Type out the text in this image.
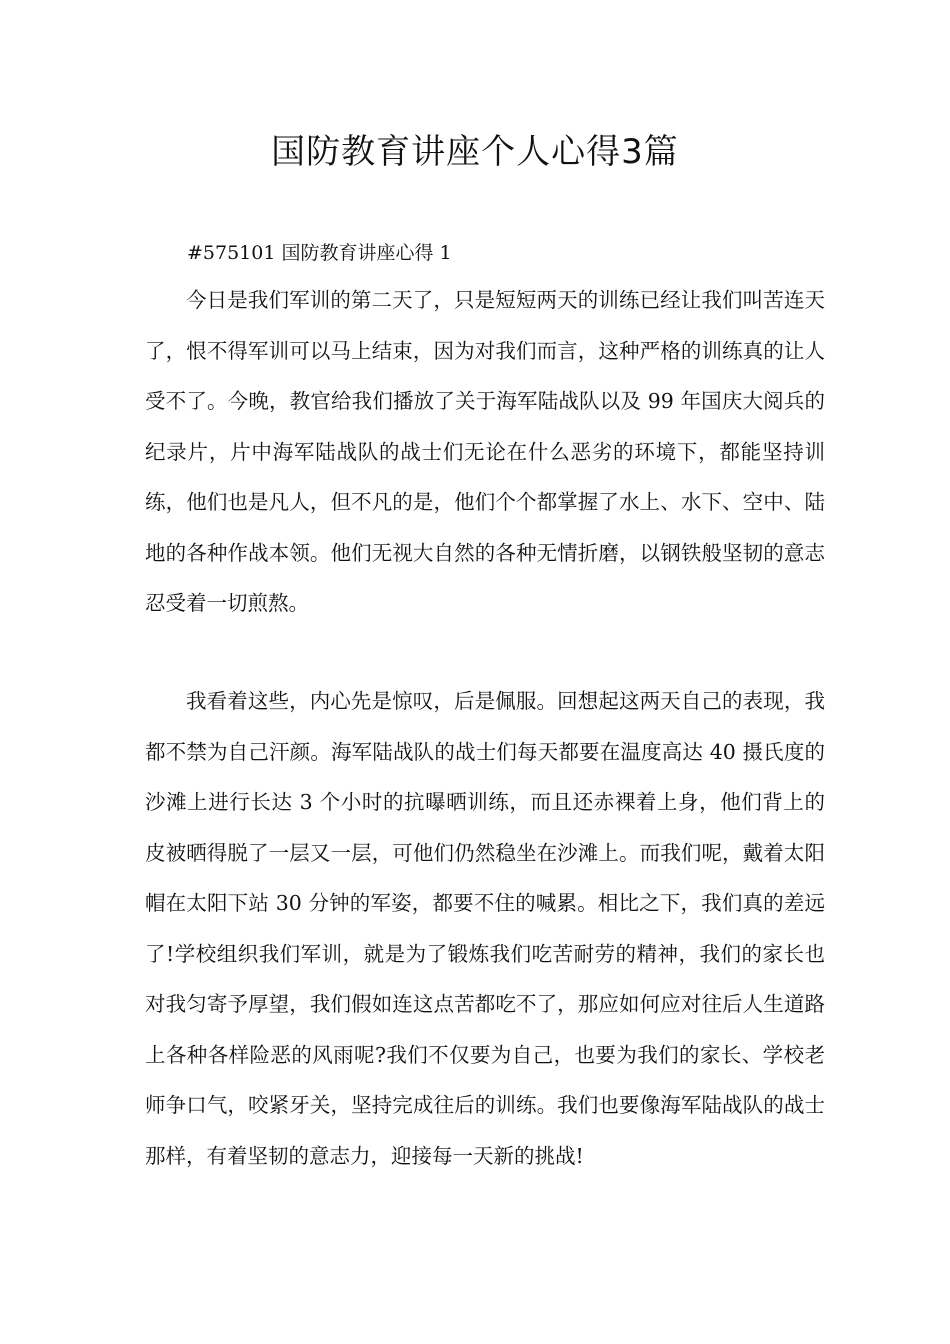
国防教育讲座个人心得3篇

#575101 国防教育讲座心得 1

今日是我们军训的第二天了，只是短短两天的训练已经让我们叫苦连天了，恨不得军训可以马上结束，因为对我们而言，这种严格的训练真的让人受不了。今晚，教官给我们播放了关于海军陆战队以及 99 年国庆大阅兵的纪录片，片中海军陆战队的战士们无论在什么恶劣的环境下，都能坚持训练，他们也是凡人，但不凡的是，他们个个都掌握了水上、水下、空中、陆地的各种作战本领。他们无视大自然的各种无情折磨，以钢铁般坚韧的意志忍受着一切煎熬。

我看着这些，内心先是惊叹，后是佩服。回想起这两天自己的表现，我都不禁为自己汗颜。海军陆战队的战士们每天都要在温度高达 40 摄氏度的沙滩上进行长达 3 个小时的抗曝晒训练，而且还赤裸着上身，他们背上的皮被晒得脱了一层又一层，可他们仍然稳坐在沙滩上。而我们呢，戴着太阳帽在太阳下站 30 分钟的军姿，都要不住的喊累。相比之下，我们真的差远了!学校组织我们军训，就是为了锻炼我们吃苦耐劳的精神，我们的家长也对我匀寄予厚望，我们假如连这点苦都吃不了，那应如何应对往后人生道路上各种各样险恶的风雨呢?我们不仅要为自己，也要为我们的家长、学校老师争口气，咬紧牙关，坚持完成往后的训练。我们也要像海军陆战队的战士那样，有着坚韧的意志力，迎接每一天新的挑战!
